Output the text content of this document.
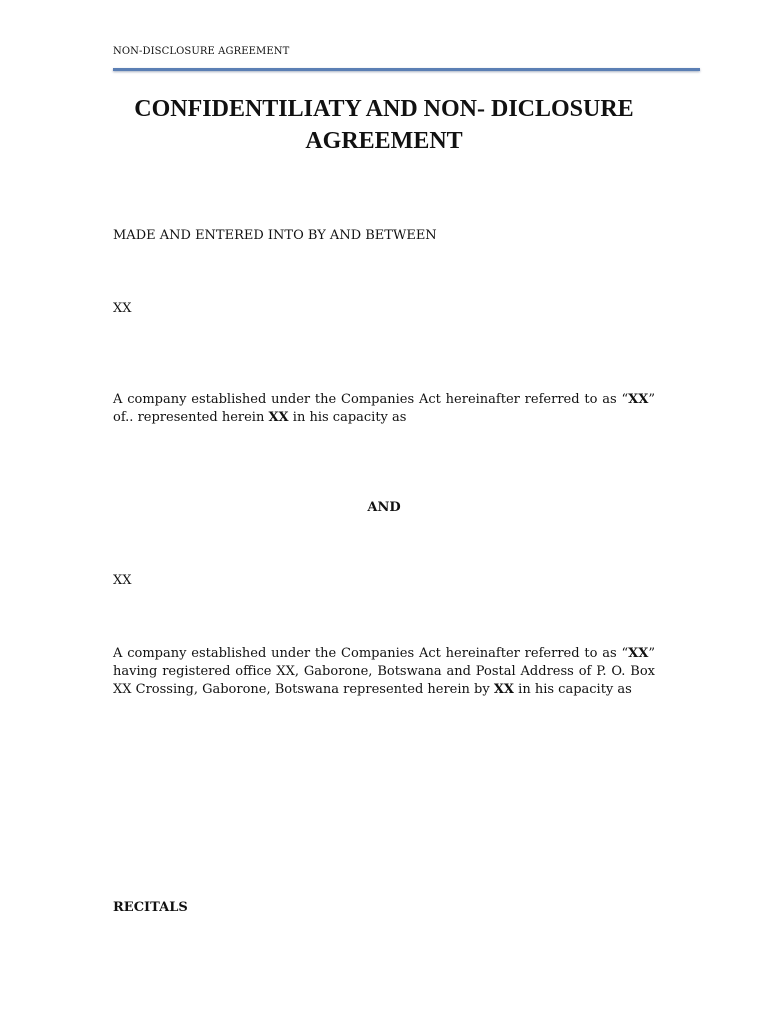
NON-DISCLOSURE AGREEMENT
CONFIDENTILIATY AND NON- DICLOSURE
AGREEMENT
MADE AND ENTERED INTO BY AND BETWEEN
XX
A company established under the Companies Act hereinafter referred to as “XX” of.. represented herein XX in his capacity as
AND
XX
A company established under the Companies Act hereinafter referred to as “XX” having registered office XX, Gaborone, Botswana and Postal Address of P. O. Box XX Crossing, Gaborone, Botswana represented herein by XX in his capacity as
RECITALS
